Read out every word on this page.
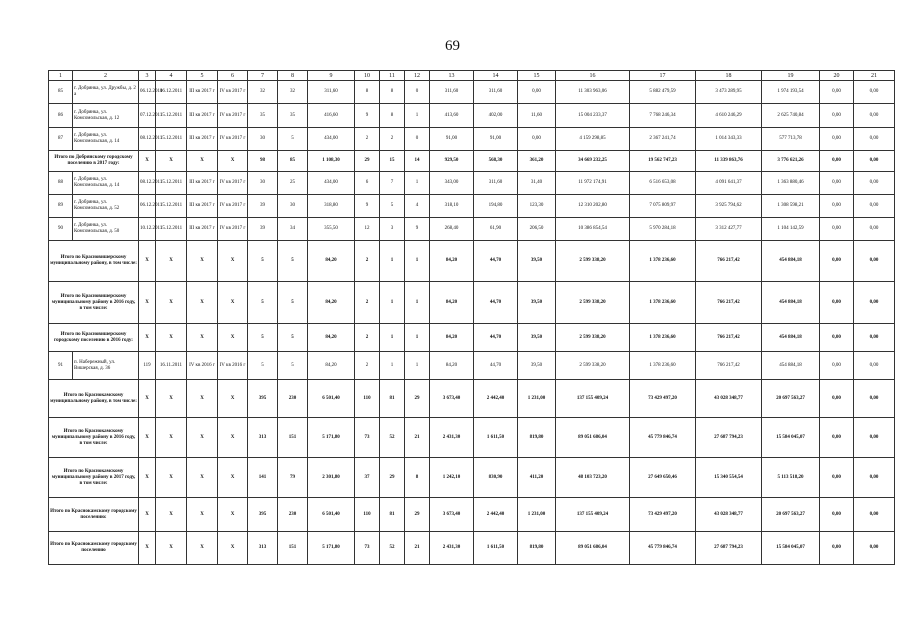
69
1	2	3	4	5	6	7	8	9	10	11	12	13	14	15	16	17	18	19	20	21
85	г. Добрянка, ул. Дружбы, д. 2 а	06.12.2011	06.12.2011	III кв 2017 г	IV кв 2017 г	32	32	311,60	8	8	0	311,60	311,60	0,00	11 303 963,06	5 882 479,59	3 473 289,95	1 974 193,54	0,00	0,00
86	г. Добрянка, ул. Комсомольская, д. 12	07.12.2011	15.12.2011	III кв 2017 г	IV кв 2017 г	35	35	416,60	9	8	1	413,60	402,00	11,60	15 004 233,37	7 768 246,34	4 610 246,29	2 625 740,84	0,00	0,00
87	г. Добрянка, ул. Комсомольская, д. 14	08.12.2011	15.12.2011	III кв 2017 г	IV кв 2017 г	30	5	434,00	2	2	0	91,00	91,00	0,00	4 159 298,85	2 367 241,74	1 014 343,33	577 713,78	0,00	0,00
Итого по Добрянскому городскому поселению в 2017 году:		X	X	X	X	98	85	1 108,30	29	15	14	929,50	568,30	361,20	34 669 232,25	19 562 747,23	11 339 863,76	3 776 621,26	0,00	0,00
88	г. Добрянка, ул. Комсомольская, д. 14	08.12.2011	15.12.2011	III кв 2017 г	IV кв 2017 г	30	25	434,00	6	7	1	343,00	311,60	31,40	11 972 174,91	6 516 653,08	4 091 641,37	1 363 880,46	0,00	0,00
89	г. Добрянка, ул. Комсомольская, д. 52	06.12.2011	15.12.2011	III кв 2017 г	IV кв 2017 г	39	30	318,80	9	5	4	318,10	194,80	123,30	12 310 202,80	7 075 809,97	3 925 794,62	1 308 598,21	0,00	0,00
90	г. Добрянка, ул. Комсомольская, д. 50	10.12.2011	15.12.2011	III кв 2017 г	IV кв 2017 г	39	34	355,50	12	3	9	268,40	61,90	206,50	10 386 854,54	5 970 284,18	3 312 427,77	1 104 142,59	0,00	0,00
Итого по Красновишерскому муниципальному району, в том числе:		X	X	X	X	5	5	84,20	2	1	1	84,20	44,70	39,50	2 599 338,20	1 378 236,60	766 217,42	454 884,18	0,00	0,00
Итого по Красновишерскому муниципальному району в 2016 году, в том числе:		X	X	X	X	5	5	84,20	2	1	1	84,20	44,70	39,50	2 599 338,20	1 378 236,60	766 217,42	454 884,18	0,00	0,00
Итого по Красновишерскому городскому поселению в 2016 году:		X	X	X	X	5	5	84,20	2	1	1	84,20	44,70	39,50	2 599 338,20	1 378 236,60	766 217,42	454 884,18	0,00	0,00
91	п. Набережный, ул. Вишерская, д. 36	119	16.11.2011	IV кв 2016 г	IV кв 2016 г	5	5	84,20	2	1	1	84,20	44,70	39,50	2 599 338,20	1 378 236,60	766 217,42	454 884,18	0,00	0,00
Итого по Краснокамскому муниципальному району, в том числе:		X	X	X	X	395	230	6 501,40	110	81	29	3 673,40	2 442,40	1 231,00	137 155 409,24	73 429 497,20	43 028 348,77	20 697 563,27	0,00	0,00
Итого по Краснокамскому муниципальному району в 2016 году, в том числе:		X	X	X	X	313	151	5 171,80	73	52	21	2 431,30	1 611,50	819,80	89 051 686,04	45 779 846,74	27 687 794,23	15 584 045,07	0,00	0,00
Итого по Краснокамскому муниципальному району в 2017 году, в том числе:		X	X	X	X	141	79	2 301,80	37	29	8	1 242,10	830,90	411,20	48 103 723,20	27 649 650,46	15 340 554,54	5 113 518,20	0,00	0,00
Итого по Краснокамскому городскому поселению:		X	X	X	X	395	230	6 501,40	110	81	29	3 673,40	2 442,40	1 231,00	137 155 409,24	73 429 497,20	43 028 348,77	20 697 563,27	0,00	0,00
Итого по Краснокамскому городскому поселению		X	X	X	X	313	151	5 171,80	73	52	21	2 431,30	1 611,50	819,80	89 051 686,04	45 779 846,74	27 687 794,23	15 584 045,07	0,00	0,00
